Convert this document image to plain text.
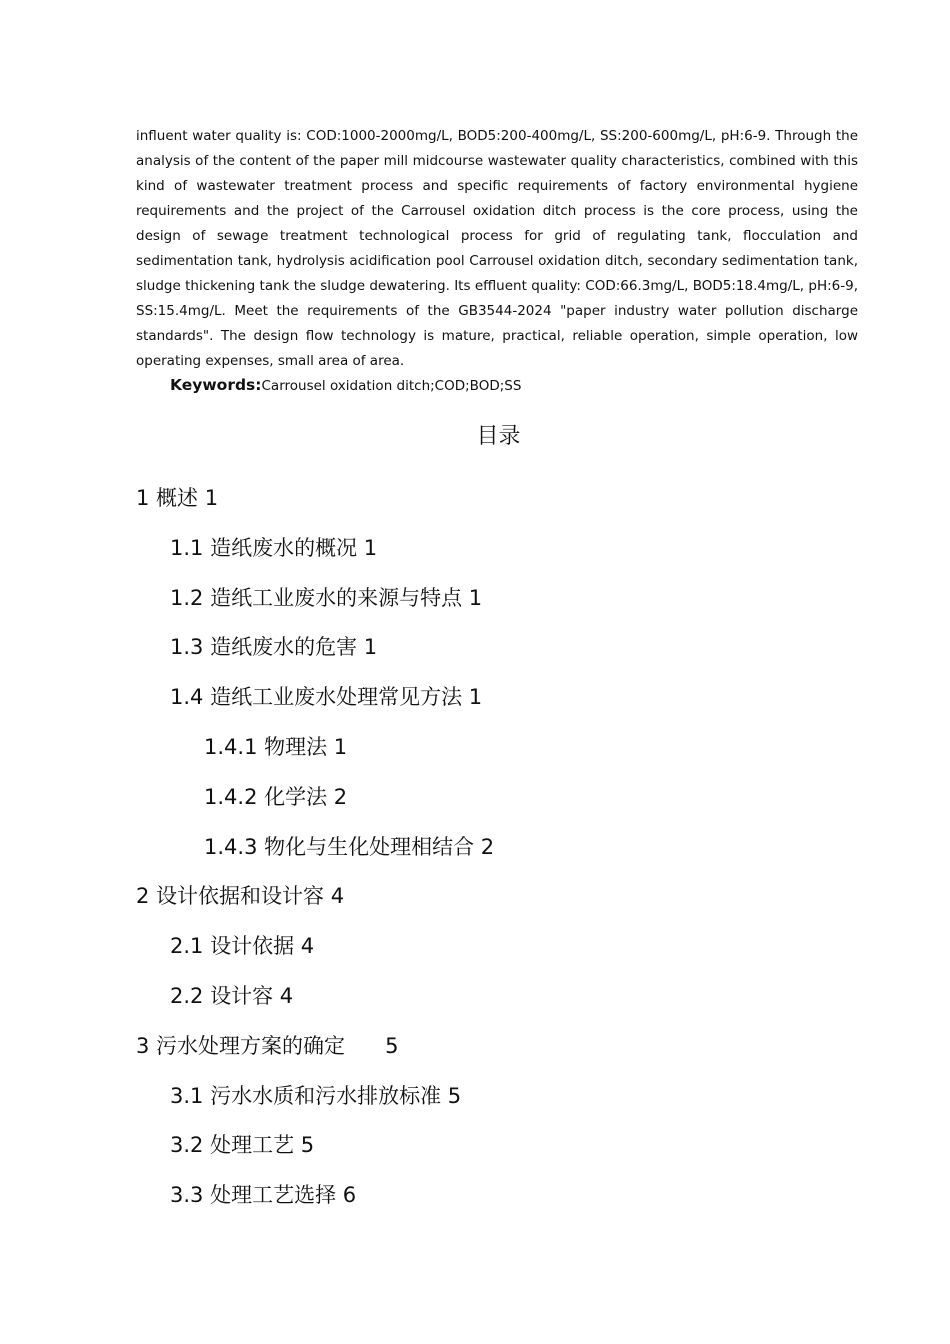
influent water quality is: COD:1000-2000mg/L, BOD5:200-400mg/L, SS:200-600mg/L, pH:6-9. Through the analysis of the content of the paper mill midcourse wastewater quality characteristics, combined with this kind of wastewater treatment process and specific requirements of factory environmental hygiene requirements and the project of the Carrousel oxidation ditch process is the core process, using the design of sewage treatment technological process for grid of regulating tank, flocculation and sedimentation tank, hydrolysis acidification pool Carrousel oxidation ditch, secondary sedimentation tank, sludge thickening tank the sludge dewatering. Its effluent quality: COD:66.3mg/L, BOD5:18.4mg/L, pH:6-9, SS:15.4mg/L. Meet the requirements of the GB3544-2024 "paper industry water pollution discharge standards". The design flow technology is mature, practical, reliable operation, simple operation, low operating expenses, small area of area.

Keywords:Carrousel oxidation ditch;COD;BOD;SS
目录
1 概述 1
1.1 造纸废水的概况 1
1.2 造纸工业废水的来源与特点 1
1.3 造纸废水的危害 1
1.4 造纸工业废水处理常见方法 1
1.4.1 物理法 1
1.4.2 化学法 2
1.4.3 物化与生化处理相结合 2
2 设计依据和设计容 4
2.1 设计依据 4
2.2 设计容 4
3 污水处理方案的确定      5
3.1 污水水质和污水排放标准 5
3.2 处理工艺 5
3.3 处理工艺选择 6
